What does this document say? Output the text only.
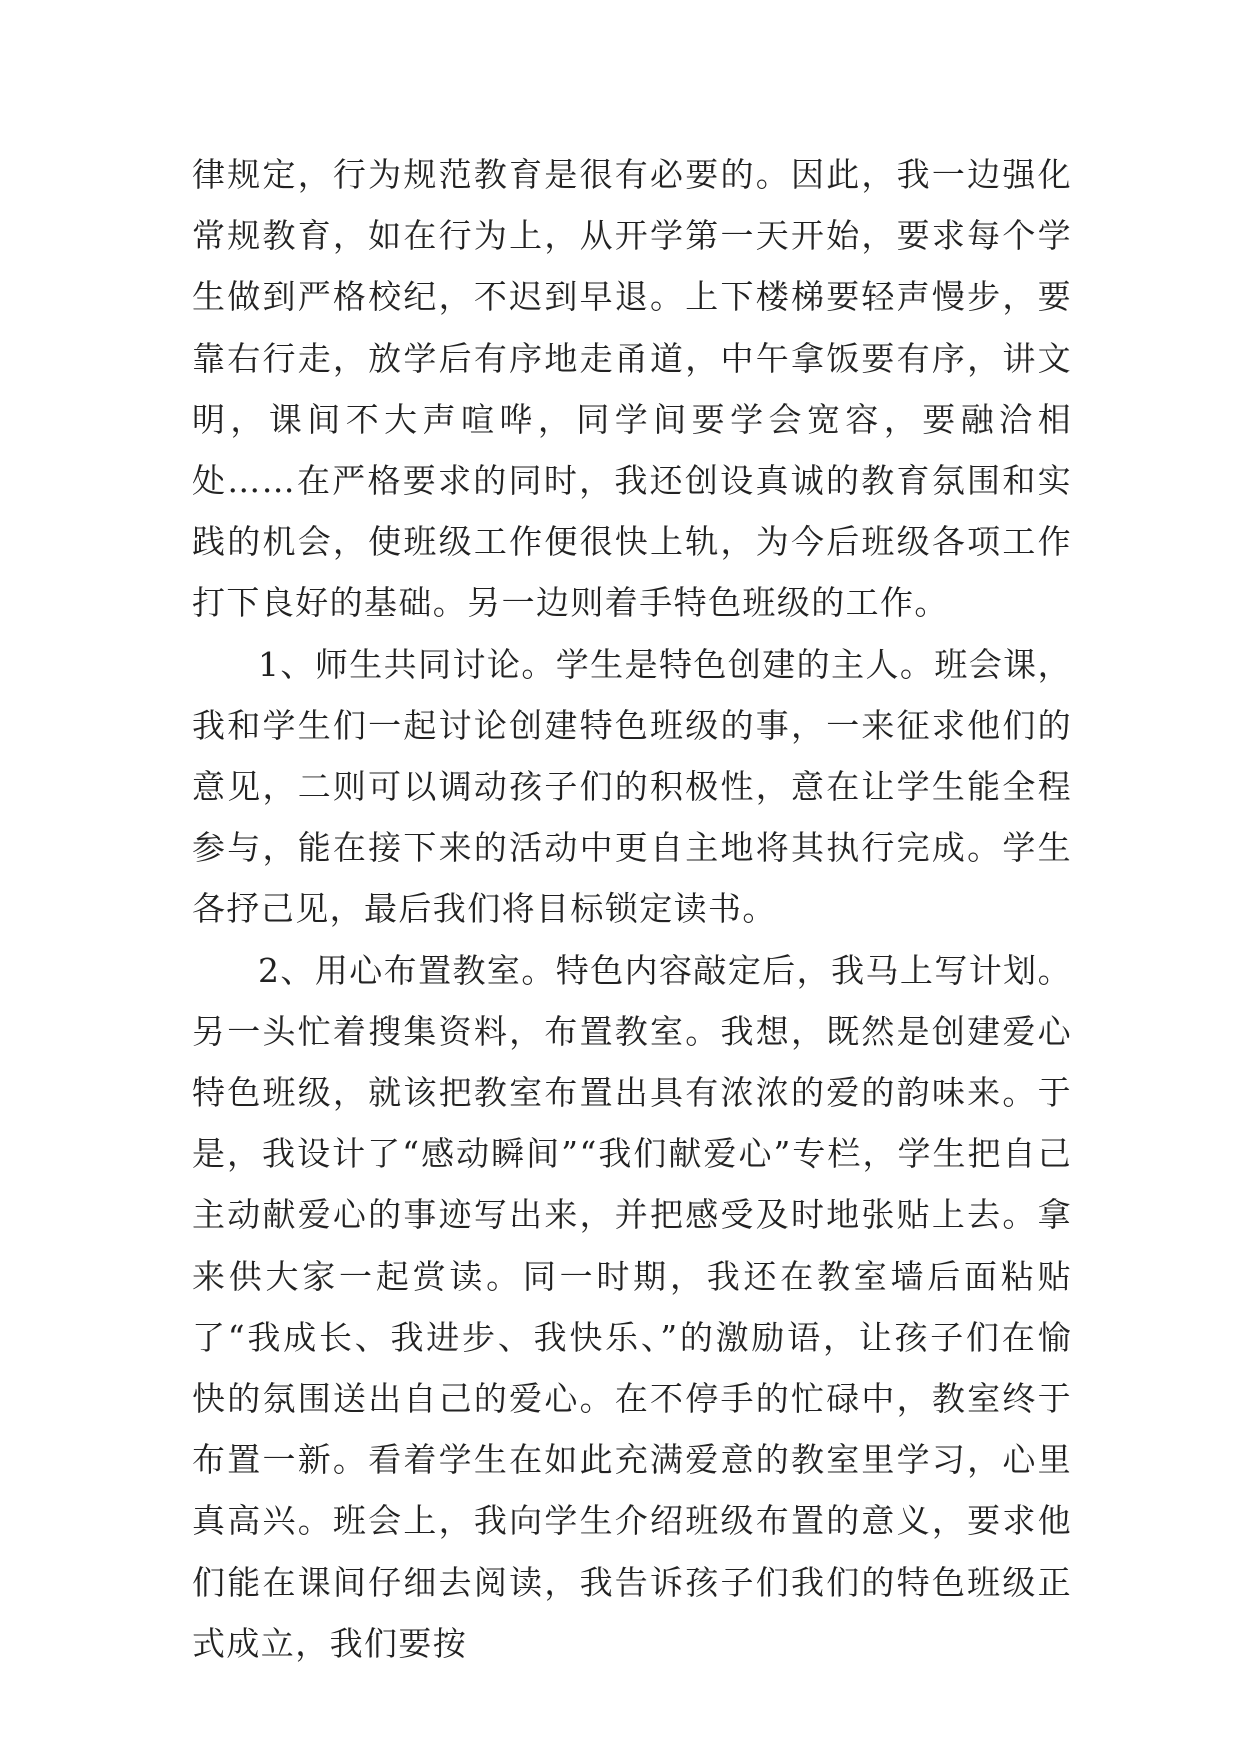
律规定，行为规范教育是很有必要的。因此，我一边强化常规教育，如在行为上，从开学第一天开始，要求每个学生做到严格校纪，不迟到早退。上下楼梯要轻声慢步，要靠右行走，放学后有序地走甬道，中午拿饭要有序，讲文明，课间不大声喧哗，同学间要学会宽容，要融洽相处……在严格要求的同时，我还创设真诚的教育氛围和实践的机会，使班级工作便很快上轨，为今后班级各项工作打下良好的基础。另一边则着手特色班级的工作。

1、师生共同讨论。学生是特色创建的主人。班会课，我和学生们一起讨论创建特色班级的事，一来征求他们的意见，二则可以调动孩子们的积极性，意在让学生能全程参与，能在接下来的活动中更自主地将其执行完成。学生各抒己见，最后我们将目标锁定读书。

2、用心布置教室。特色内容敲定后，我马上写计划。另一头忙着搜集资料，布置教室。我想，既然是创建爱心特色班级，就该把教室布置出具有浓浓的爱的韵味来。于是，我设计了“感动瞬间”“我们献爱心”专栏，学生把自己主动献爱心的事迹写出来，并把感受及时地张贴上去。拿来供大家一起赏读。同一时期，我还在教室墙后面粘贴了“我成长、我进步、我快乐、”的激励语，让孩子们在愉快的氛围送出自己的爱心。在不停手的忙碌中，教室终于布置一新。看着学生在如此充满爱意的教室里学习，心里真高兴。班会上，我向学生介绍班级布置的意义，要求他们能在课间仔细去阅读，我告诉孩子们我们的特色班级正式成立，我们要按
